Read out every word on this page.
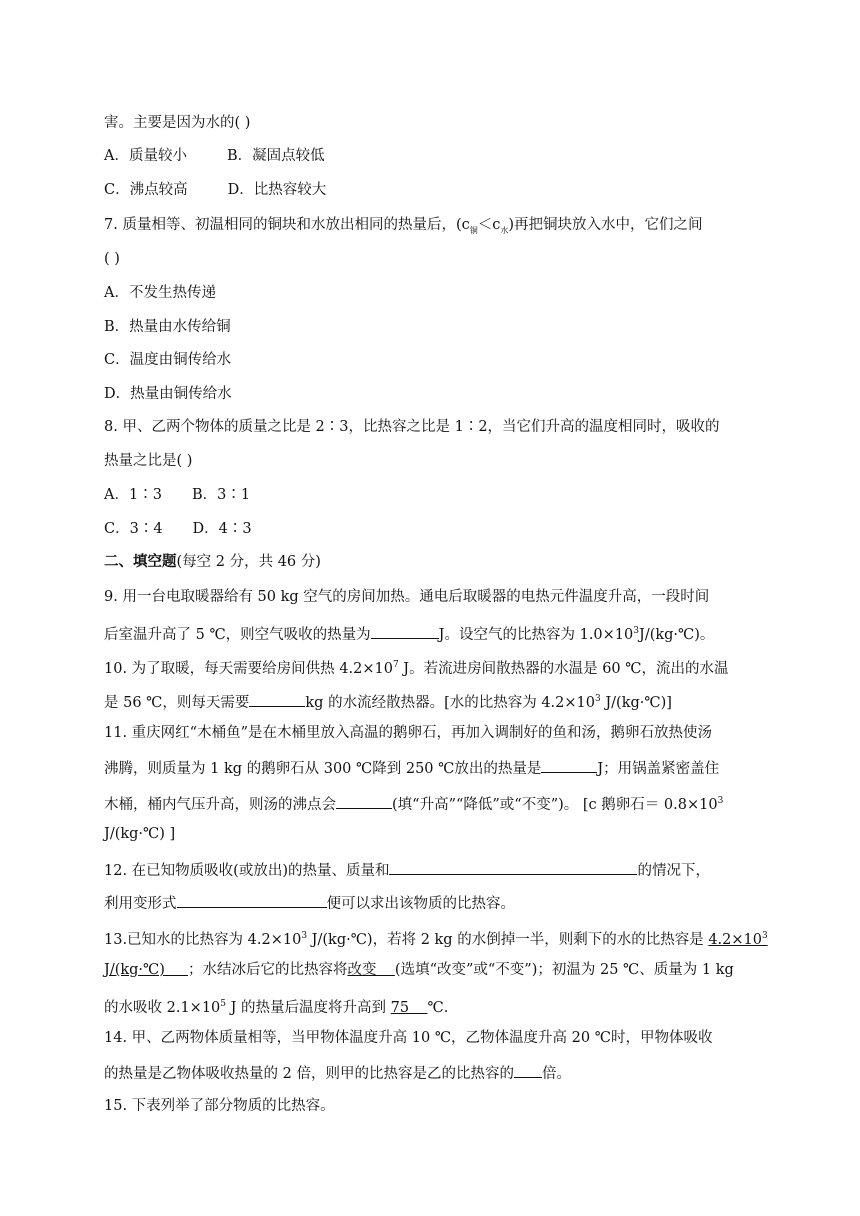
害。主要是因为水的( )
A．质量较小	B．凝固点较低
C．沸点较高	D．比热容较大
7. 质量相等、初温相同的铜块和水放出相同的热量后，$(c_铜<c_水)$再把铜块放入水中，它们之间
( )
A．不发生热传递
B．热量由水传给铜
C．温度由铜传给水
D．热量由铜传给水
8. 甲、乙两个物体的质量之比是 2∶3，比热容之比是 1∶2，当它们升高的温度相同时，吸收的
热量之比是( )
A．1∶3 B．3∶1
C．3∶4 D．4∶3
二、填空题(每空 2 分，共 46 分)
9. 用一台电取暖器给有 50 kg 空气的房间加热。通电后取暖器的电热元件温度升高，一段时间
后室温升高了 5 ℃，则空气吸收的热量为	J。设空气的比热容为 $1.0\times 10^3J/(kg\cdot℃)$。
10. 为了取暖，每天需要给房间供热 $4.2\times 10^7$ J。若流进房间散热器的水温是 60 ℃，流出的水温
是 56 ℃，则每天需要	kg 的水流经散热器。[水的比热容为 $4.2\times 10^3$ J/(kg·℃)]
11. 重庆网红“木桶鱼”是在木桶里放入高温的鹅卵石，再加入调制好的鱼和汤，鹅卵石放热使汤
沸腾，则质量为 1 kg 的鹅卵石从 300 ℃降到 250 ℃放出的热量是	J；用锅盖紧密盖住
木桶，桶内气压升高，则汤的沸点会	(填“升高”“降低”或“不变”)。 [c 鹅卵石＝ $0.8\times 10^3$
J/(kg·℃) ]
12. 在已知物质吸收(或放出)的热量、质量和	的情况下，
利用变形式	便可以求出该物质的比热容。
13.已知水的比热容为 $4.2\times 10^3$ J/(kg·℃)，若将 2 kg 的水倒掉一半，则剩下的水的比热容是 $4.2\times 10^3$
J/(kg·℃)     ；水结冰后它的比热容将改变    (选填“改变”或“不变”)；初温为 25 ℃、质量为 1 kg
的水吸收 $2.1\times 10^5$ J 的热量后温度将升高到 75    ℃.
14. 甲、乙两物体质量相等，当甲物体温度升高 10 ℃，乙物体温度升高 20 ℃时，甲物体吸收
的热量是乙物体吸收热量的 2 倍，则甲的比热容是乙的比热容的 倍。
15. 下表列举了部分物质的比热容。
